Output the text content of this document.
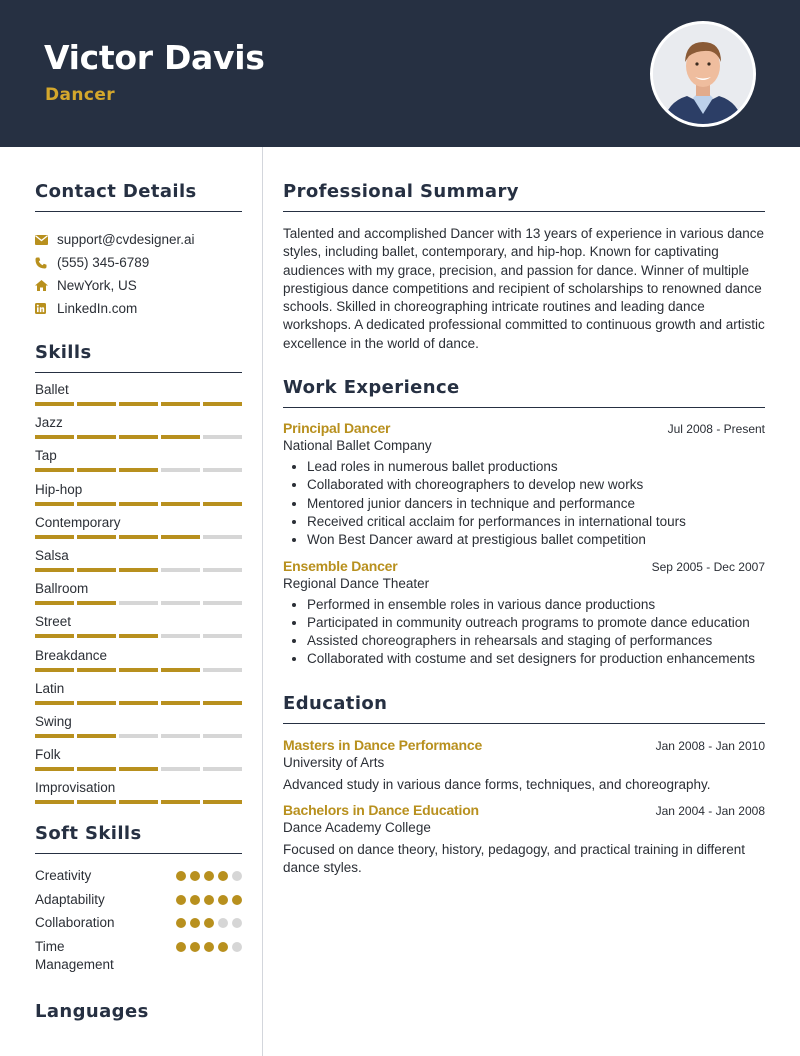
Victor Davis
Dancer
Contact Details
support@cvdesigner.ai
(555) 345-6789
NewYork, US
LinkedIn.com
Skills
Ballet
Jazz
Tap
Hip-hop
Contemporary
Salsa
Ballroom
Street
Breakdance
Latin
Swing
Folk
Improvisation
Soft Skills
Creativity
Adaptability
Collaboration
Time Management
Languages
Professional Summary
Talented and accomplished Dancer with 13 years of experience in various dance styles, including ballet, contemporary, and hip-hop. Known for captivating audiences with my grace, precision, and passion for dance. Winner of multiple prestigious dance competitions and recipient of scholarships to renowned dance schools. Skilled in choreographing intricate routines and leading dance workshops. A dedicated professional committed to continuous growth and artistic excellence in the world of dance.
Work Experience
Principal Dancer	Jul 2008 - Present
National Ballet Company
• Lead roles in numerous ballet productions
• Collaborated with choreographers to develop new works
• Mentored junior dancers in technique and performance
• Received critical acclaim for performances in international tours
• Won Best Dancer award at prestigious ballet competition
Ensemble Dancer	Sep 2005 - Dec 2007
Regional Dance Theater
• Performed in ensemble roles in various dance productions
• Participated in community outreach programs to promote dance education
• Assisted choreographers in rehearsals and staging of performances
• Collaborated with costume and set designers for production enhancements
Education
Masters in Dance Performance	Jan 2008 - Jan 2010
University of Arts
Advanced study in various dance forms, techniques, and choreography.
Bachelors in Dance Education	Jan 2004 - Jan 2008
Dance Academy College
Focused on dance theory, history, pedagogy, and practical training in different dance styles.
